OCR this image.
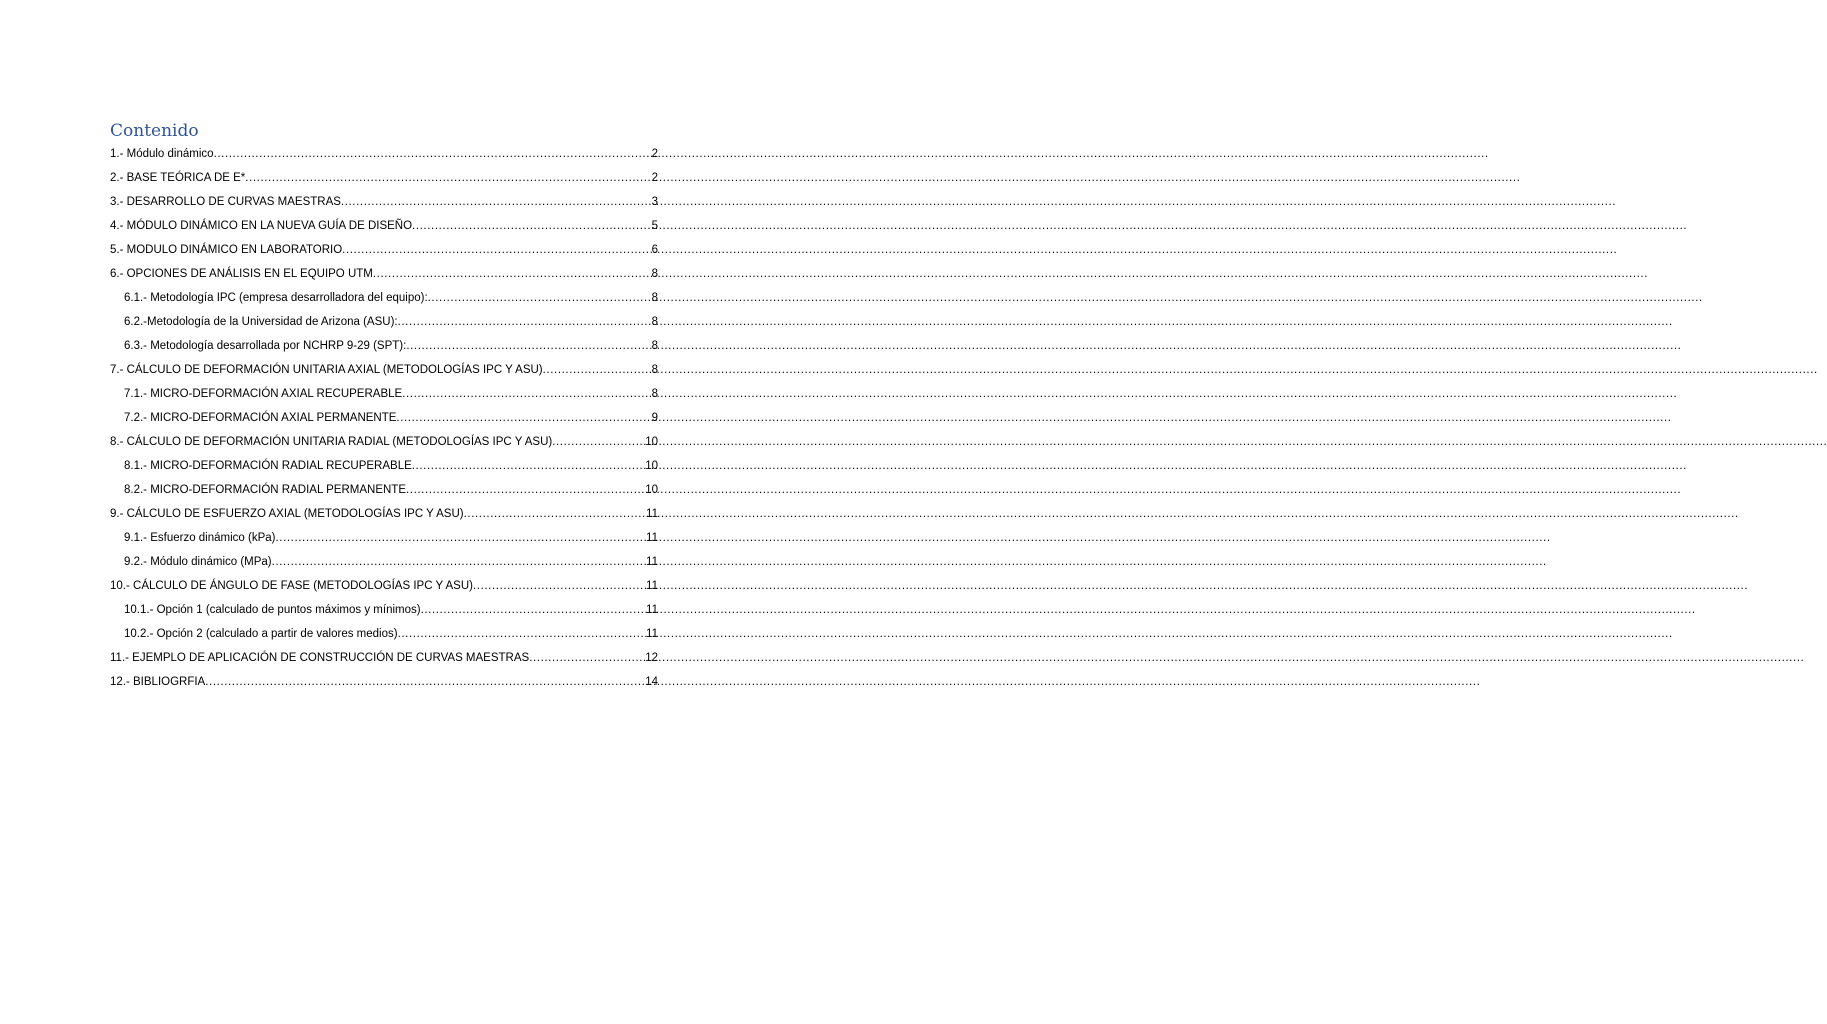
Contenido
1.- Módulo dinámico .....	2
2.- BASE TEÓRICA DE E* .....	2
3.- DESARROLLO DE CURVAS MAESTRAS .....	3
4.- MÓDULO DINÁMICO EN LA NUEVA GUÍA DE DISEÑO .....	5
5.- MODULO DINÁMICO EN LABORATORIO .....	6
6.- OPCIONES DE ANÁLISIS EN EL EQUIPO UTM .....	8
6.1.- Metodología IPC (empresa desarrolladora del equipo): .....	8
6.2.-Metodología de la Universidad de Arizona (ASU): .....	8
6.3.- Metodología desarrollada por NCHRP 9-29 (SPT): .....	8
7.- CÁLCULO DE DEFORMACIÓN UNITARIA AXIAL (METODOLOGÍAS IPC Y ASU) .....	8
7.1.- MICRO-DEFORMACIÓN AXIAL RECUPERABLE .....	8
7.2.- MICRO-DEFORMACIÓN AXIAL PERMANENTE .....	9
8.- CÁLCULO DE DEFORMACIÓN UNITARIA RADIAL (METODOLOGÍAS IPC Y ASU) .....	10
8.1.- MICRO-DEFORMACIÓN RADIAL RECUPERABLE .....	10
8.2.- MICRO-DEFORMACIÓN RADIAL PERMANENTE .....	10
9.- CÁLCULO DE ESFUERZO AXIAL (METODOLOGÍAS IPC Y ASU) .....	11
9.1.- Esfuerzo dinámico (kPa) .....	11
9.2.- Módulo dinámico (MPa) .....	11
10.- CÁLCULO DE ÁNGULO DE FASE (METODOLOGÍAS IPC Y ASU) .....	11
10.1.- Opción 1 (calculado de puntos máximos y mínimos) .....	11
10.2.- Opción 2 (calculado a partir de valores medios) .....	11
11.- EJEMPLO DE APLICACIÓN DE CONSTRUCCIÓN DE CURVAS MAESTRAS .....	12
12.- BIBLIOGRFIA .....	14
